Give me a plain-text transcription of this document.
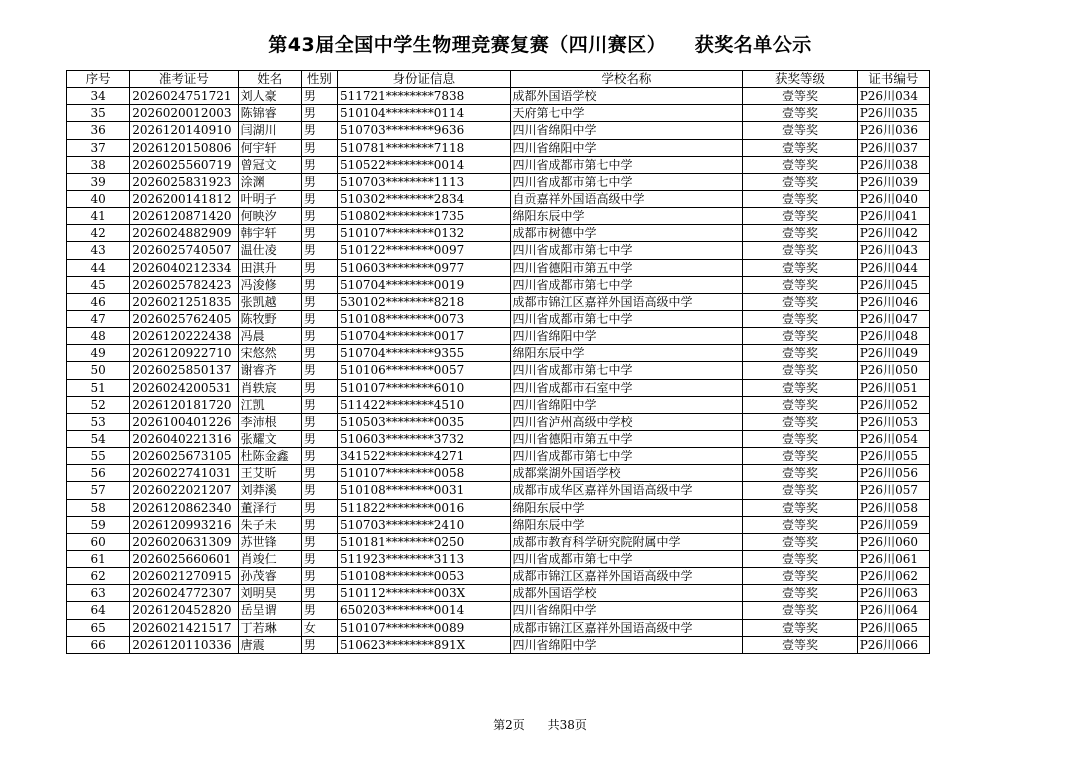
第43届全国中学生物理竞赛复赛（四川赛区）    获奖名单公示
序号	准考证号	姓名	性别	身份证信息	学校名称	获奖等级	证书编号
34	2026024751721	刘人豪	男	511721********7838	成都外国语学校	壹等奖	P26川034
35	2026020012003	陈锦睿	男	510104********0114	天府第七中学	壹等奖	P26川035
36	2026120140910	闫湖川	男	510703********9636	四川省绵阳中学	壹等奖	P26川036
37	2026120150806	何宇轩	男	510781********7118	四川省绵阳中学	壹等奖	P26川037
38	2026025560719	曾冠文	男	510522********0014	四川省成都市第七中学	壹等奖	P26川038
39	2026025831923	涂渊	男	510703********1113	四川省成都市第七中学	壹等奖	P26川039
40	2026200141812	叶明子	男	510302********2834	自贡嘉祥外国语高级中学	壹等奖	P26川040
41	2026120871420	何映汐	男	510802********1735	绵阳东辰中学	壹等奖	P26川041
42	2026024882909	韩宇轩	男	510107********0132	成都市树德中学	壹等奖	P26川042
43	2026025740507	温仕凌	男	510122********0097	四川省成都市第七中学	壹等奖	P26川043
44	2026040212334	田淇升	男	510603********0977	四川省德阳市第五中学	壹等奖	P26川044
45	2026025782423	冯浚修	男	510704********0019	四川省成都市第七中学	壹等奖	P26川045
46	2026021251835	张凯越	男	530102********8218	成都市锦江区嘉祥外国语高级中学	壹等奖	P26川046
47	2026025762405	陈牧野	男	510108********0073	四川省成都市第七中学	壹等奖	P26川047
48	2026120222438	冯晨	男	510704********0017	四川省绵阳中学	壹等奖	P26川048
49	2026120922710	宋悠然	男	510704********9355	绵阳东辰中学	壹等奖	P26川049
50	2026025850137	谢睿齐	男	510106********0057	四川省成都市第七中学	壹等奖	P26川050
51	2026024200531	肖轶宸	男	510107********6010	四川省成都市石室中学	壹等奖	P26川051
52	2026120181720	江凯	男	511422********4510	四川省绵阳中学	壹等奖	P26川052
53	2026100401226	李沛根	男	510503********0035	四川省泸州高级中学校	壹等奖	P26川053
54	2026040221316	张耀文	男	510603********3732	四川省德阳市第五中学	壹等奖	P26川054
55	2026025673105	杜陈金鑫	男	341522********4271	四川省成都市第七中学	壹等奖	P26川055
56	2026022741031	王艾昕	男	510107********0058	成都棠湖外国语学校	壹等奖	P26川056
57	2026022021207	刘莽溪	男	510108********0031	成都市成华区嘉祥外国语高级中学	壹等奖	P26川057
58	2026120862340	董泽行	男	511822********0016	绵阳东辰中学	壹等奖	P26川058
59	2026120993216	朱子未	男	510703********2410	绵阳东辰中学	壹等奖	P26川059
60	2026020631309	苏世锋	男	510181********0250	成都市教育科学研究院附属中学	壹等奖	P26川060
61	2026025660601	肖竣仁	男	511923********3113	四川省成都市第七中学	壹等奖	P26川061
62	2026021270915	孙茂睿	男	510108********0053	成都市锦江区嘉祥外国语高级中学	壹等奖	P26川062
63	2026024772307	刘明昊	男	510112********003X	成都外国语学校	壹等奖	P26川063
64	2026120452820	岳呈谓	男	650203********0014	四川省绵阳中学	壹等奖	P26川064
65	2026021421517	丁若琳	女	510107********0089	成都市锦江区嘉祥外国语高级中学	壹等奖	P26川065
66	2026120110336	唐震	男	510623********891X	四川省绵阳中学	壹等奖	P26川066
第2页      共38页
